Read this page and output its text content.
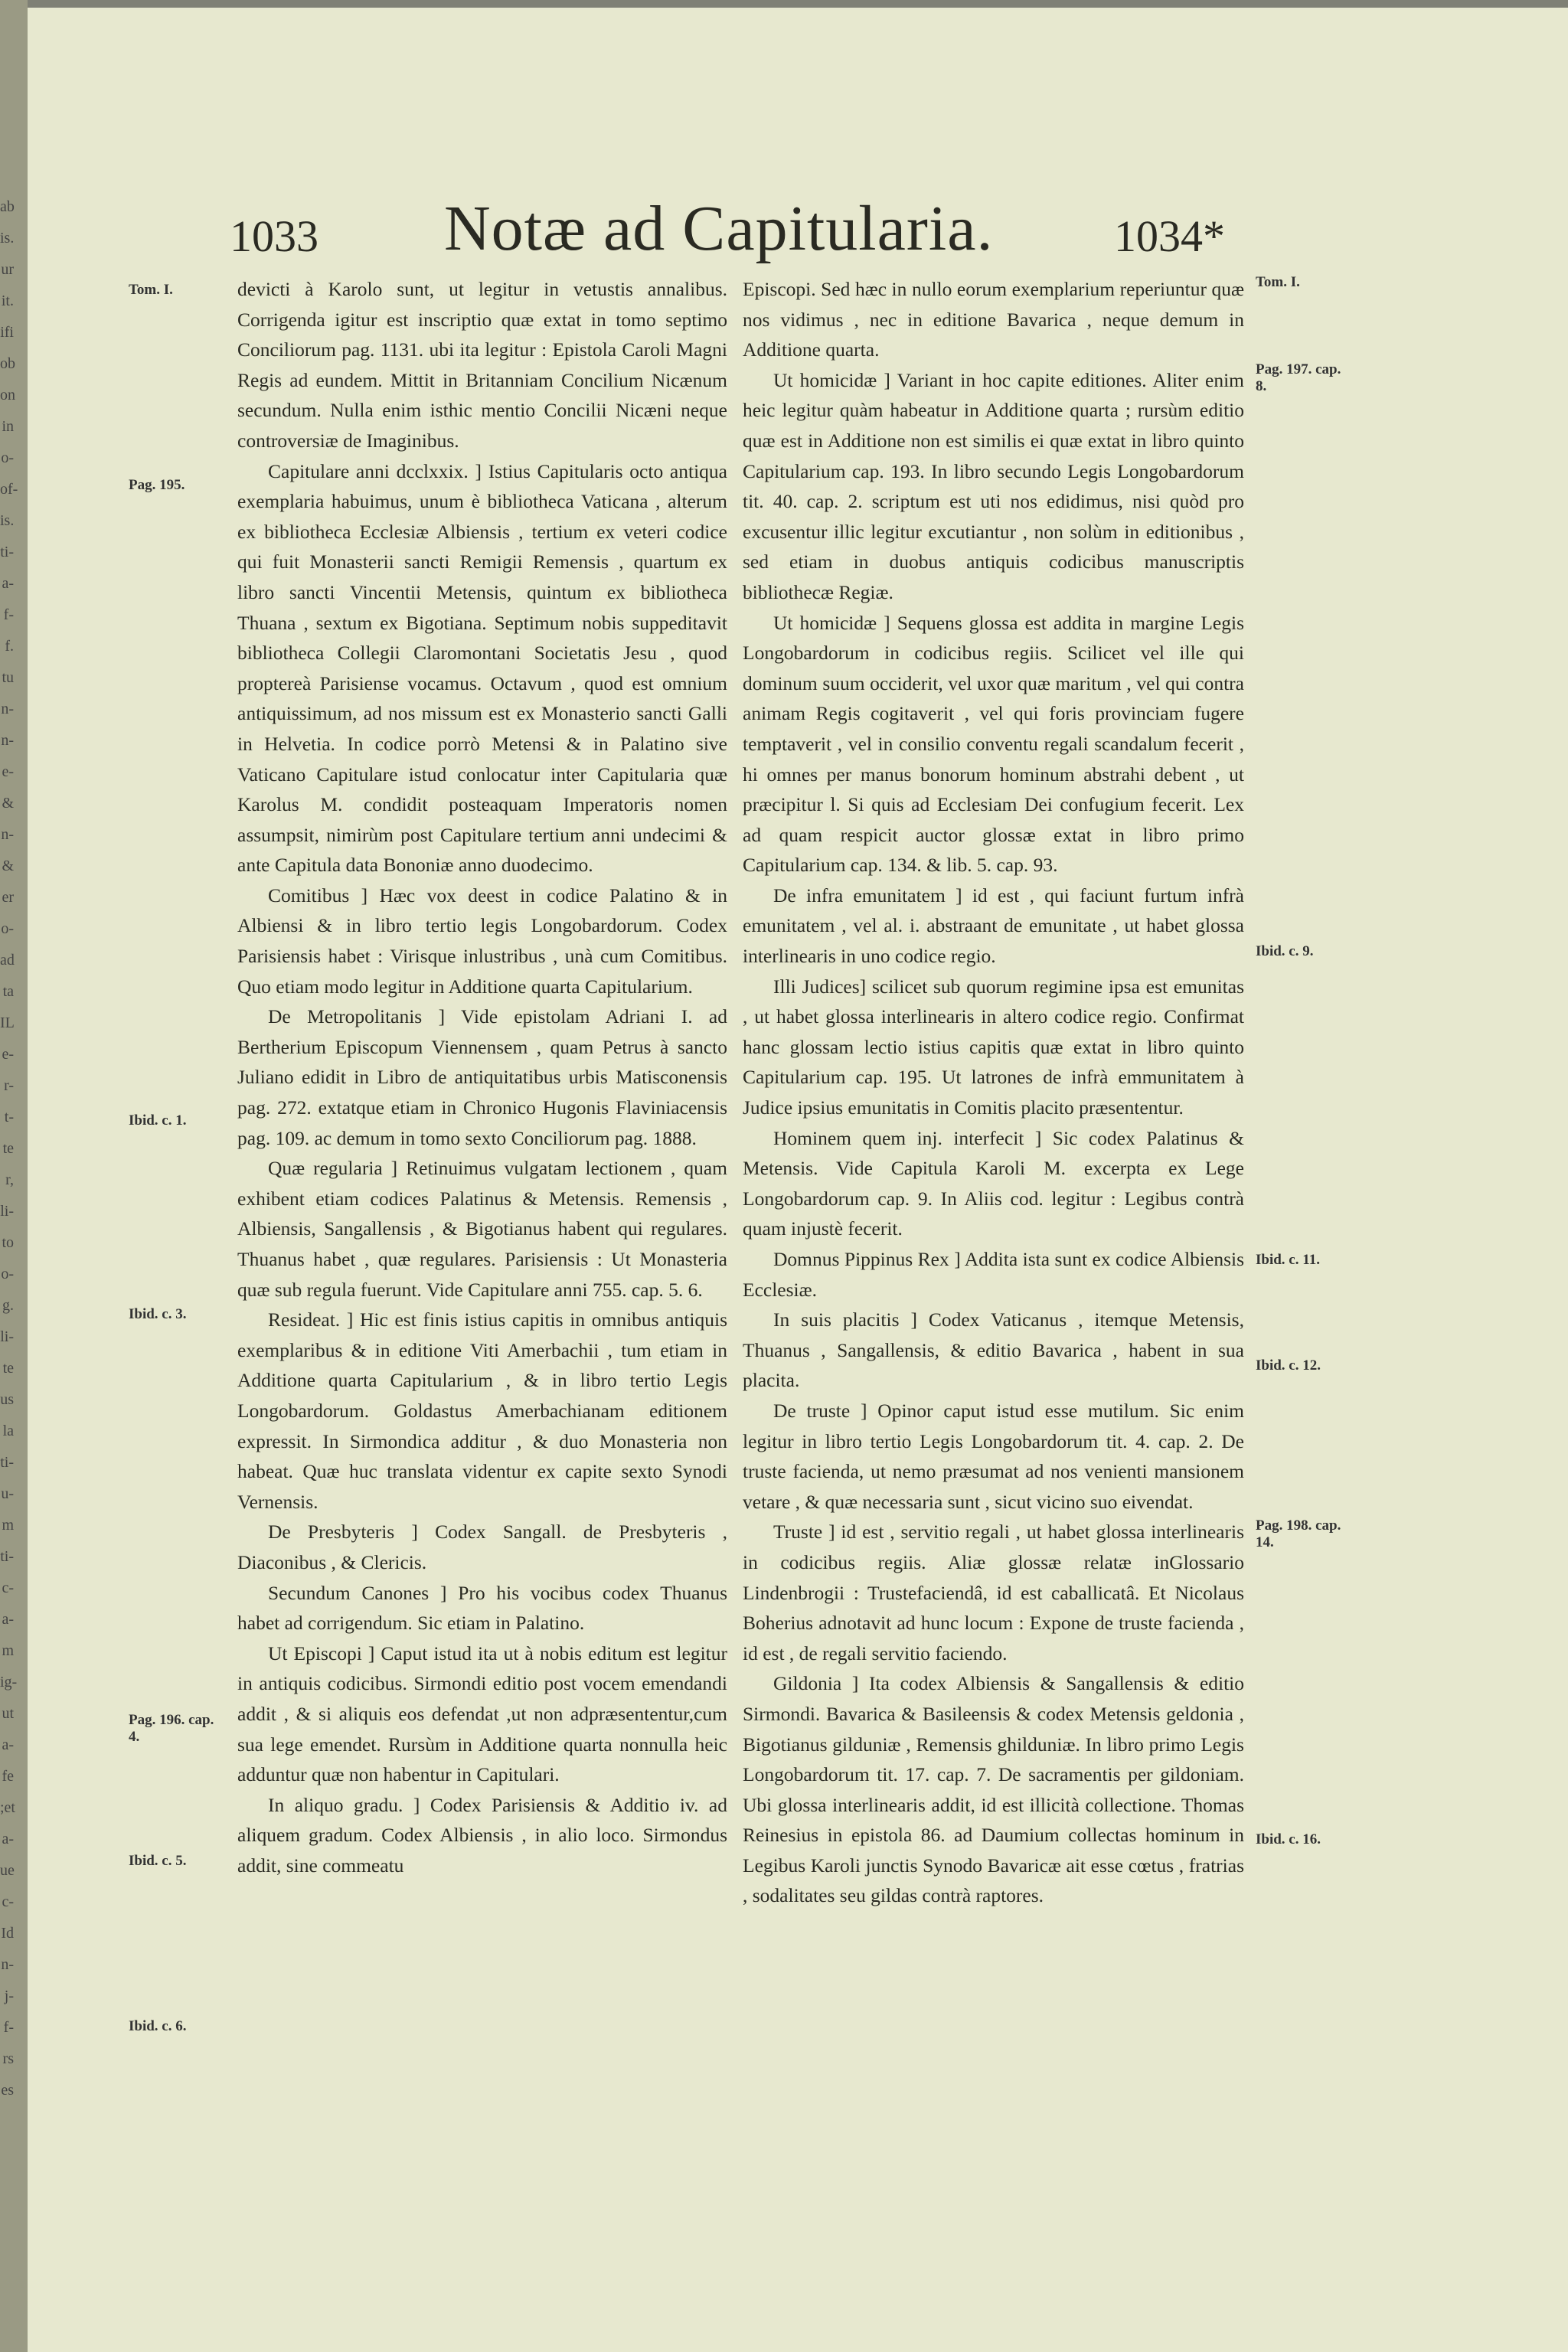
ab is. ur it. ifi ob on in o- of- is. ti- a- f- f. tu n- n- e- & n- & er o- ad ta IL e- r- t- te r, li- to o- g. li- te us la ti- u- m ti- c- a- m ig- ut a- fe ;et a- ue c- Id n- j- f- rs es
1033 Notæ ad Capitularia.	1034*
Tom. I.
Pag. 195.
Ibid. c. 1.
Ibid. c. 3.
Pag. 196. cap. 4.
Ibid. c. 5.
Ibid. c. 6.
Tom. I.
Pag. 197. cap. 8.
Ibid. c. 9.
Ibid. c. 11.
Ibid. c. 12.
Pag. 198. cap. 14.
Ibid. c. 16.

devicti à Karolo sunt, ut legitur in vetustis annalibus. Corrigenda igitur est inscriptio quæ extat in tomo septimo Conciliorum pag. 1131. ubi ita legitur : Epistola Caroli Magni Regis ad eundem. Mittit in Britanniam Concilium Nicænum secundum. Nulla enim isthic mentio Concilii Nicæni neque controversiæ de Imaginibus.

Capitulare anni dcclxxix. ] Istius Capitularis octo antiqua exemplaria habuimus, unum è bibliotheca Vaticana , alterum ex bibliotheca Ecclesiæ Albiensis , tertium ex veteri codice qui fuit Monasterii sancti Remigii Remensis , quartum ex libro sancti Vincentii Metensis, quintum ex bibliotheca Thuana , sextum ex Bigotiana. Septimum nobis suppeditavit bibliotheca Collegii Claromontani Societatis Jesu , quod proptereà Parisiense vocamus. Octavum , quod est omnium antiquissimum, ad nos missum est ex Monasterio sancti Galli in Helvetia. In codice porrò Metensi & in Palatino sive Vaticano Capitulare istud conlocatur inter Capitularia quæ Karolus M. condidit posteaquam Imperatoris nomen assumpsit, nimirùm post Capitulare tertium anni undecimi & ante Capitula data Bononiæ anno duodecimo.

Comitibus ] Hæc vox deest in codice Palatino & in Albiensi & in libro tertio legis Longobardorum. Codex Parisiensis habet : Virisque inlustribus , unà cum Comitibus. Quo etiam modo legitur in Additione quarta Capitularium.

De Metropolitanis ] Vide epistolam Adriani I. ad Bertherium Episcopum Viennensem , quam Petrus à sancto Juliano edidit in Libro de antiquitatibus urbis Matisconensis pag. 272. extatque etiam in Chronico Hugonis Flaviniacensis pag. 109. ac demum in tomo sexto Conciliorum pag. 1888.

Quæ regularia ] Retinuimus vulgatam lectionem , quam exhibent etiam codices Palatinus & Metensis. Remensis , Albiensis, Sangallensis , & Bigotianus habent qui regulares. Thuanus habet , quæ regulares. Parisiensis : Ut Monasteria quæ sub regula fuerunt. Vide Capitulare anni 755. cap. 5. 6.

Resideat. ] Hic est finis istius capitis in omnibus antiquis exemplaribus & in editione Viti Amerbachii , tum etiam in Additione quarta Capitularium , & in libro tertio Legis Longobardorum. Goldastus Amerbachianam editionem expressit. In Sirmondica additur , & duo Monasteria non habeat. Quæ huc translata videntur ex capite sexto Synodi Vernensis.

De Presbyteris ] Codex Sangall. de Presbyteris , Diaconibus , & Clericis.

Secundum Canones ] Pro his vocibus codex Thuanus habet ad corrigendum. Sic etiam in Palatino.

Ut Episcopi ] Caput istud ita ut à nobis editum est legitur in antiquis codicibus. Sirmondi editio post vocem emendandi addit , & si aliquis eos defendat ,ut non adpræsententur,cum sua lege emendet. Rursùm in Additione quarta nonnulla heic adduntur quæ non habentur in Capitulari.

In aliquo gradu. ] Codex Parisiensis & Additio iv. ad aliquem gradum. Codex Albiensis , in alio loco. Sirmondus addit, sine commeatu

Episcopi. Sed hæc in nullo eorum exemplarium reperiuntur quæ nos vidimus , nec in editione Bavarica , neque demum in Additione quarta.

Ut homicidæ ] Variant in hoc capite editiones. Aliter enim heic legitur quàm habeatur in Additione quarta ; rursùm editio quæ est in Additione non est similis ei quæ extat in libro quinto Capitularium cap. 193. In libro secundo Legis Longobardorum tit. 40. cap. 2. scriptum est uti nos edidimus, nisi quòd pro excusentur illic legitur excutiantur , non solùm in editionibus , sed etiam in duobus antiquis codicibus manuscriptis bibliothecæ Regiæ.

Ut homicidæ ] Sequens glossa est addita in margine Legis Longobardorum in codicibus regiis. Scilicet vel ille qui dominum suum occiderit, vel uxor quæ maritum , vel qui contra animam Regis cogitaverit , vel qui foris provinciam fugere temptaverit , vel in consilio conventu regali scandalum fecerit , hi omnes per manus bonorum hominum abstrahi debent , ut præcipitur l. Si quis ad Ecclesiam Dei confugium fecerit. Lex ad quam respicit auctor glossæ extat in libro primo Capitularium cap. 134. & lib. 5. cap. 93.

De infra emunitatem ] id est , qui faciunt furtum infrà emunitatem , vel al. i. abstraant de emunitate , ut habet glossa interlinearis in uno codice regio.

Illi Judices] scilicet sub quorum regimine ipsa est emunitas , ut habet glossa interlinearis in altero codice regio. Confirmat hanc glossam lectio istius capitis quæ extat in libro quinto Capitularium cap. 195. Ut latrones de infrà emmunitatem à Judice ipsius emunitatis in Comitis placito præsententur.

Hominem quem inj. interfecit ] Sic codex Palatinus & Metensis. Vide Capitula Karoli M. excerpta ex Lege Longobardorum cap. 9. In Aliis cod. legitur : Legibus contrà quam injustè fecerit.

Domnus Pippinus Rex ] Addita ista sunt ex codice Albiensis Ecclesiæ.

In suis placitis ] Codex Vaticanus , itemque Metensis, Thuanus , Sangallensis, & editio Bavarica , habent in sua placita.

De truste ] Opinor caput istud esse mutilum. Sic enim legitur in libro tertio Legis Longobardorum tit. 4. cap. 2. De truste facienda, ut nemo præsumat ad nos venienti mansionem vetare , & quæ necessaria sunt , sicut vicino suo eivendat.

Truste ] id est , servitio regali , ut habet glossa interlinearis in codicibus regiis. Aliæ glossæ relatæ inGlossario Lindenbrogii : Trustefaciendâ, id est caballicatâ. Et Nicolaus Boherius adnotavit ad hunc locum : Expone de truste facienda , id est , de regali servitio faciendo.

Gildonia ] Ita codex Albiensis & Sangallensis & editio Sirmondi. Bavarica & Basileensis & codex Metensis geldonia , Bigotianus gilduniæ , Remensis ghilduniæ. In libro primo Legis Longobardorum tit. 17. cap. 7. De sacramentis per gildoniam. Ubi glossa interlinearis addit, id est illicità collectione. Thomas Reinesius in epistola 86. ad Daumium collectas hominum in Legibus Karoli junctis Synodo Bavaricæ ait esse cœtus , fratrias , sodalitates seu gildas contrà raptores.
